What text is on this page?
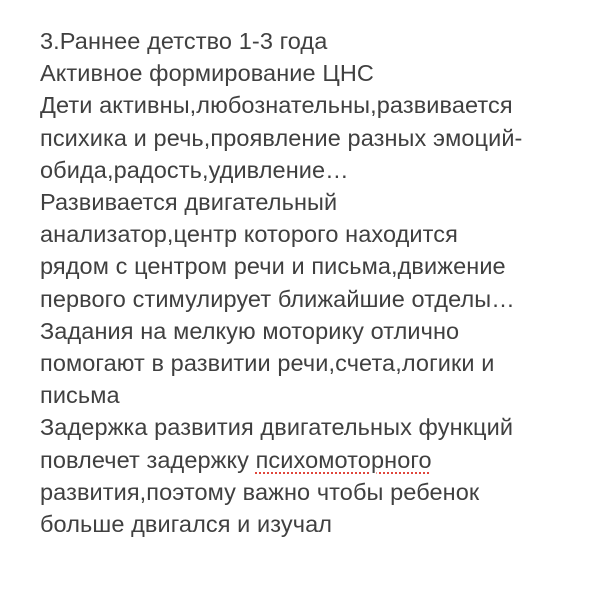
3.Раннее детство 1-3 года
Активное формирование ЦНС
Дети активны,любознательны,развивается
психика и речь,проявление разных эмоций-
обида,радость,удивление…
Развивается двигательный
анализатор,центр которого находится
рядом с центром речи и письма,движение
первого стимулирует ближайшие отделы…
Задания на мелкую моторику отлично
помогают в развитии речи,счета,логики и
письма
Задержка развития двигательных функций
повлечет задержку психомоторного
развития,поэтому важно чтобы ребенок
больше двигался и изучал
